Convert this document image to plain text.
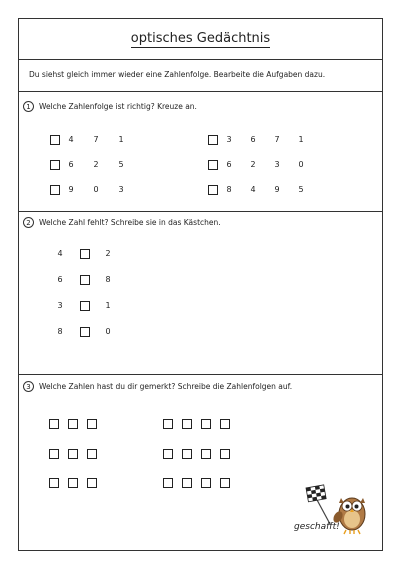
optisches Gedächtnis
Du siehst gleich immer wieder eine Zahlenfolge. Bearbeite die Aufgaben dazu.
1	Welche Zahlenfolge ist richtig? Kreuze an.
4 7 1
6 2 5
9 0 3
3 6 7 1
6 2 3 0
8 4 9 5
2	Welche Zahl fehlt? Schreibe sie in das Kästchen.
4	2
6	8
3	1
8	0
3	Welche Zahlen hast du dir gemerkt? Schreibe die Zahlenfolgen auf.
geschafft!
